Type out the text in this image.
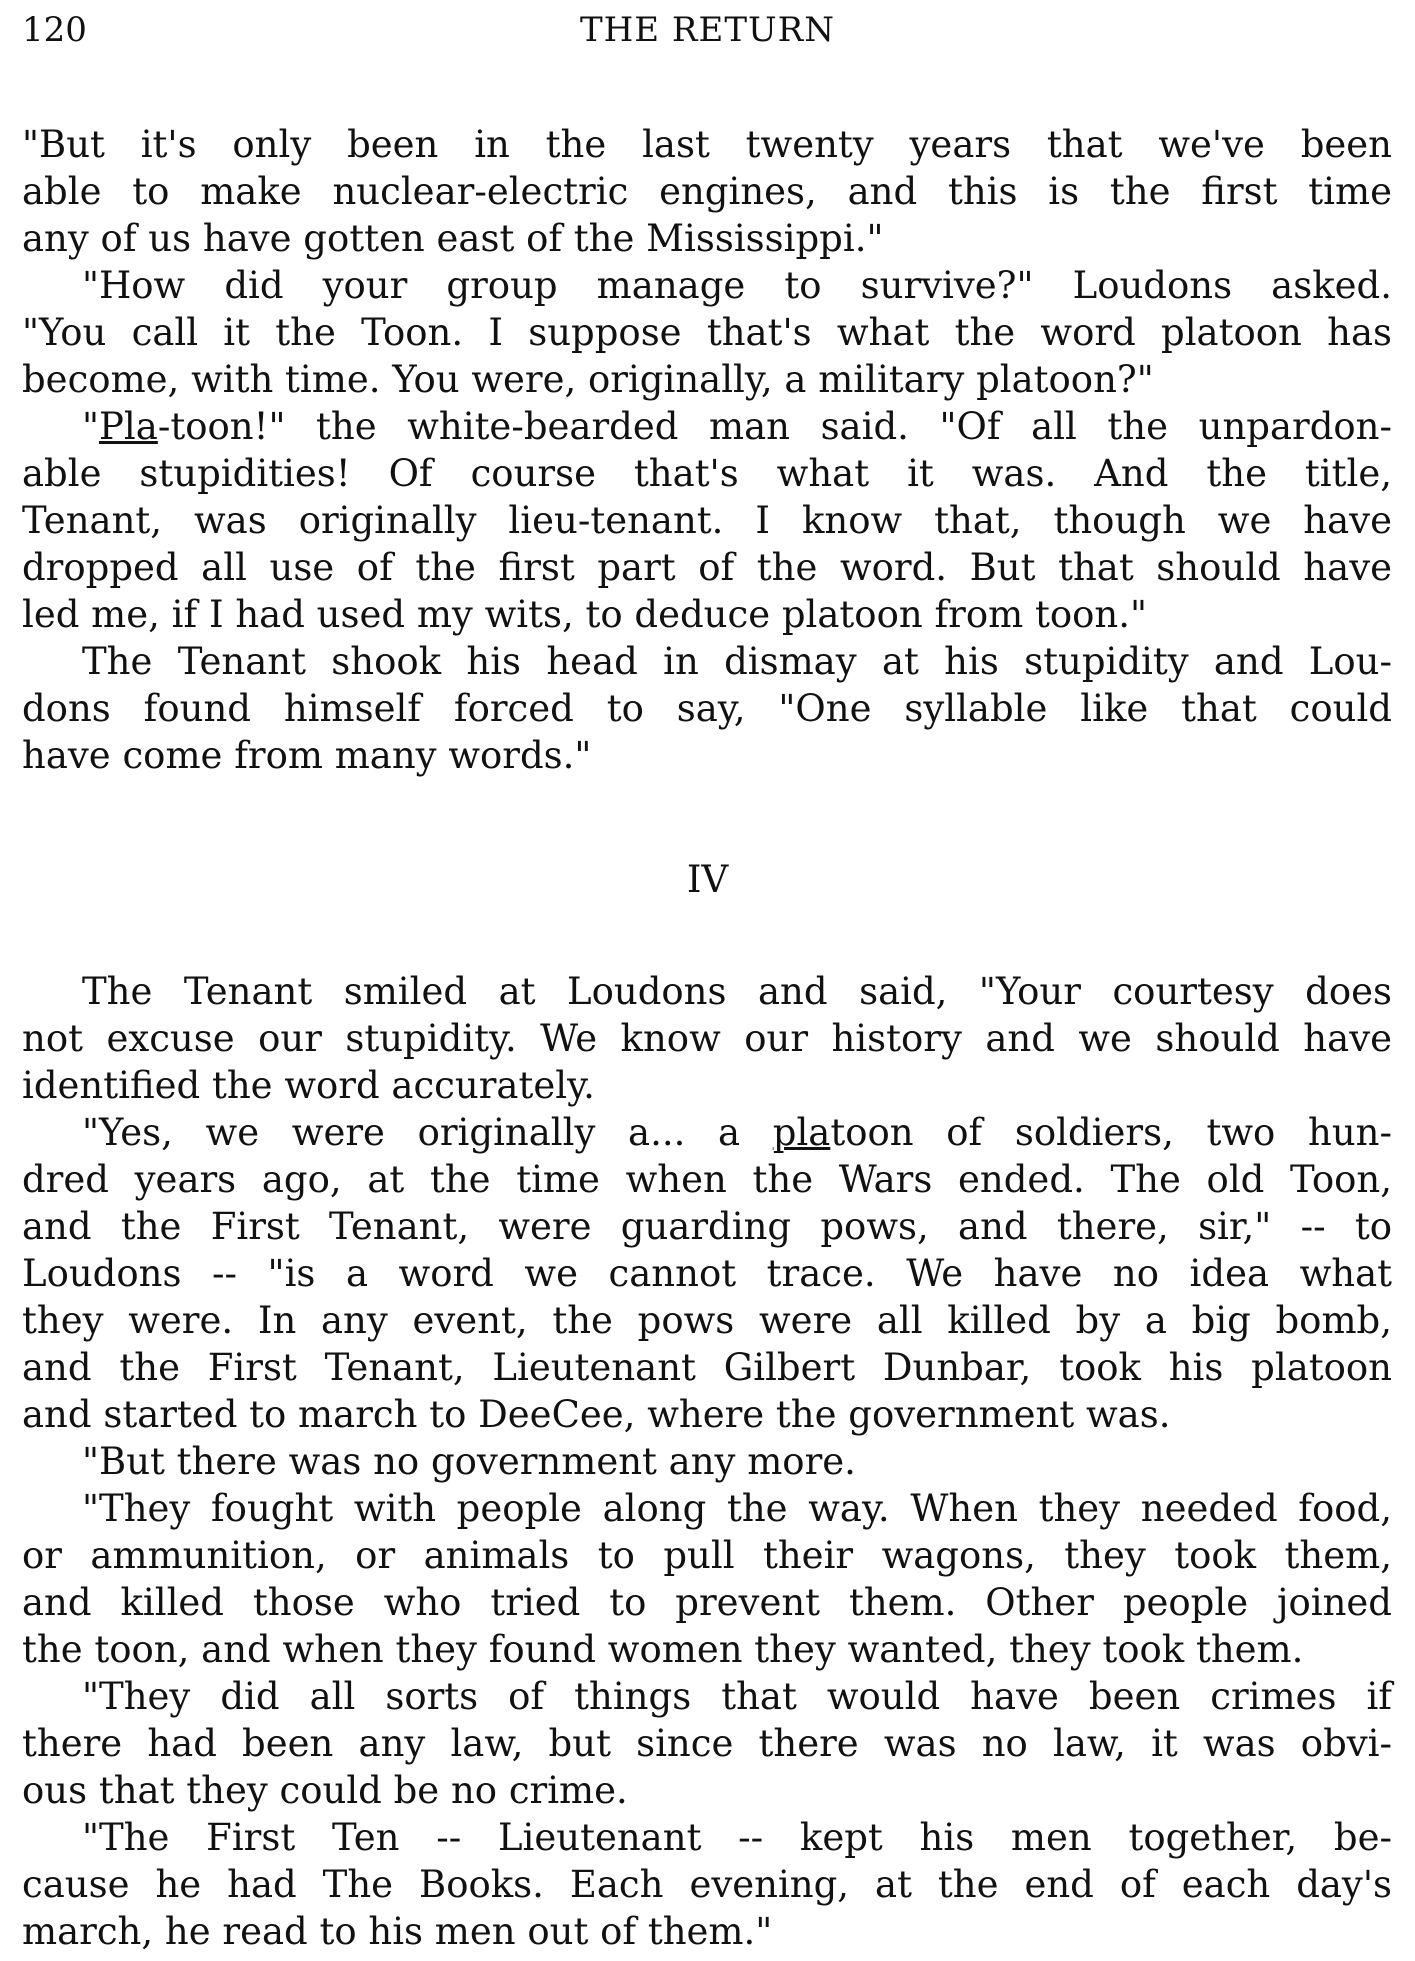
120	THE RETURN
"But it's only been in the last twenty years that we've been
able to make nuclear-electric engines, and this is the first time
any of us have gotten east of the Mississippi."
"How did your group manage to survive?" Loudons asked.
"You call it the Toon. I suppose that's what the word platoon has
become, with time. You were, originally, a military platoon?"
"Pla-toon!" the white-bearded man said. "Of all the unpardon-
able stupidities! Of course that's what it was. And the title,
Tenant, was originally lieu-tenant. I know that, though we have
dropped all use of the first part of the word. But that should have
led me, if I had used my wits, to deduce platoon from toon."
The Tenant shook his head in dismay at his stupidity and Lou-
dons found himself forced to say, "One syllable like that could
have come from many words."
IV
The Tenant smiled at Loudons and said, "Your courtesy does
not excuse our stupidity. We know our history and we should have
identified the word accurately.
"Yes, we were originally a... a platoon of soldiers, two hun-
dred years ago, at the time when the Wars ended. The old Toon,
and the First Tenant, were guarding pows, and there, sir," -- to
Loudons -- "is a word we cannot trace. We have no idea what
they were. In any event, the pows were all killed by a big bomb,
and the First Tenant, Lieutenant Gilbert Dunbar, took his platoon
and started to march to DeeCee, where the government was.
"But there was no government any more.
"They fought with people along the way. When they needed food,
or ammunition, or animals to pull their wagons, they took them,
and killed those who tried to prevent them. Other people joined
the toon, and when they found women they wanted, they took them.
"They did all sorts of things that would have been crimes if
there had been any law, but since there was no law, it was obvi-
ous that they could be no crime.
"The First Ten -- Lieutenant -- kept his men together, be-
cause he had The Books. Each evening, at the end of each day's
march, he read to his men out of them."
